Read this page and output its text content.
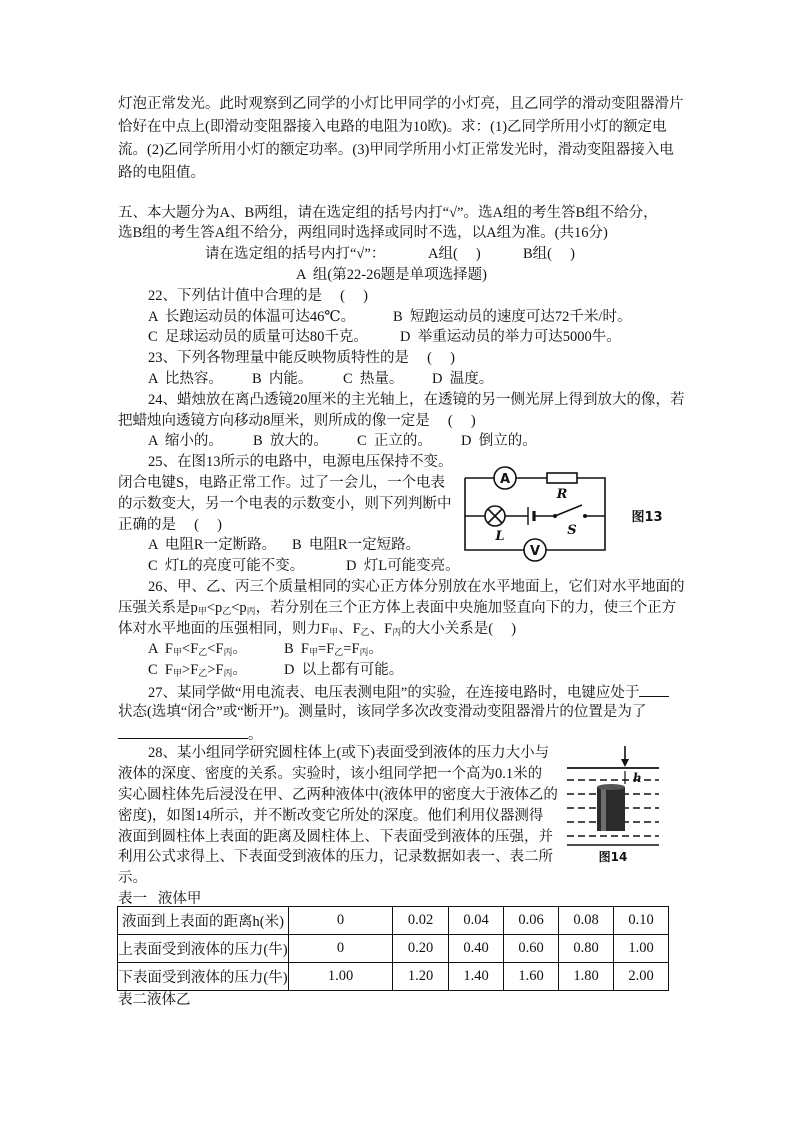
灯泡正常发光。此时观察到乙同学的小灯比甲同学的小灯亮，且乙同学的滑动变阻器滑片
恰好在中点上(即滑动变阻器接入电路的电阻为10欧)。求：(1)乙同学所用小灯的额定电
流。(2)乙同学所用小灯的额定功率。(3)甲同学所用小灯正常发光时，滑动变阻器接入电
路的电阻值。
五、本大题分为A、B两组，请在选定组的括号内打“√”。选A组的考生答B组不给分，
选B组的考生答A组不给分，两组同时选择或同时不选，以A组为准。(共16分)

请在选定组的括号内打“√”：

	A组(     )

	B组(     )

A  组(第22-26题是单项选择题)

22、下列估计值中合理的是     (     )

A  长跑运动员的体温可达46℃。

	B  短跑运动员的速度可达72千米/时。

C  足球运动员的质量可达80千克。

D  举重运动员的举力可达5000牛。

23、下列各物理量中能反映物质特性的是     (     )

A  比热容。

B  内能。

C  热量。

D  温度。

24、蜡烛放在离凸透镜20厘米的主光轴上，在透镜的另一侧光屏上得到放大的像，若
把蜡烛向透镜方向移动8厘米，则所成的像一定是     (     )

A  缩小的。

B  放大的。

C  正立的。

D  倒立的。

25、在图13所示的电路中，电源电压保持不变。
闭合电键S，电路正常工作。过了一会儿，一个电表
的示数变大，另一个电表的示数变小，则下列判断中
正确的是     (     )

A  电阻R一定断路。

B  电阻R一定短路。

C  灯L的亮度可能不变。

	D  灯L可能变亮。

26、甲、乙、丙三个质量相同的实心正方体分别放在水平地面上，它们对水平地面的
压强关系是$p_甲<p_乙<p_丙$，若分别在三个正方体上表面中央施加竖直向下的力，使三个正方
体对水平地面的压强相同，则力$F_甲$、$F_乙$、$F_丙$的大小关系是(     )

A  $F_甲<F_乙<F_丙$。

	B  $F_甲=F_乙=F_丙$。

C  $F_甲>F_乙>F_丙$。

	D  以上都有可能。

27、某同学做“用电流表、电压表测电阻”的实验，在连接电路时，电键应处于
状态(选填“闭合”或“断开”)。测量时，该同学多次改变滑动变阻器滑片的位置是为了
。
28、某小组同学研究圆柱体上(或下)表面受到液体的压力大小与
液体的深度、密度的关系。实验时，该小组同学把一个高为0.1米的
实心圆柱体先后浸没在甲、乙两种液体中(液体甲的密度大于液体乙的
密度)，如图14所示，并不断改变它所处的深度。他们利用仪器测得
液面到圆柱体上表面的距离及圆柱体上、下表面受到液体的压强，并
利用公式求得上、下表面受到液体的压力，记录数据如表一、表二所
示。
表一   液体甲
A
R
L	S
V
图13
h
图14
液面到上表面的距离h(米)	0	0.02	0.04	0.06	0.08	0.10
上表面受到液体的压力(牛)	0	0.20	0.40	0.60	0.80	1.00
下表面受到液体的压力(牛)	1.00	1.20	1.40	1.60	1.80	2.00
表二液体乙
